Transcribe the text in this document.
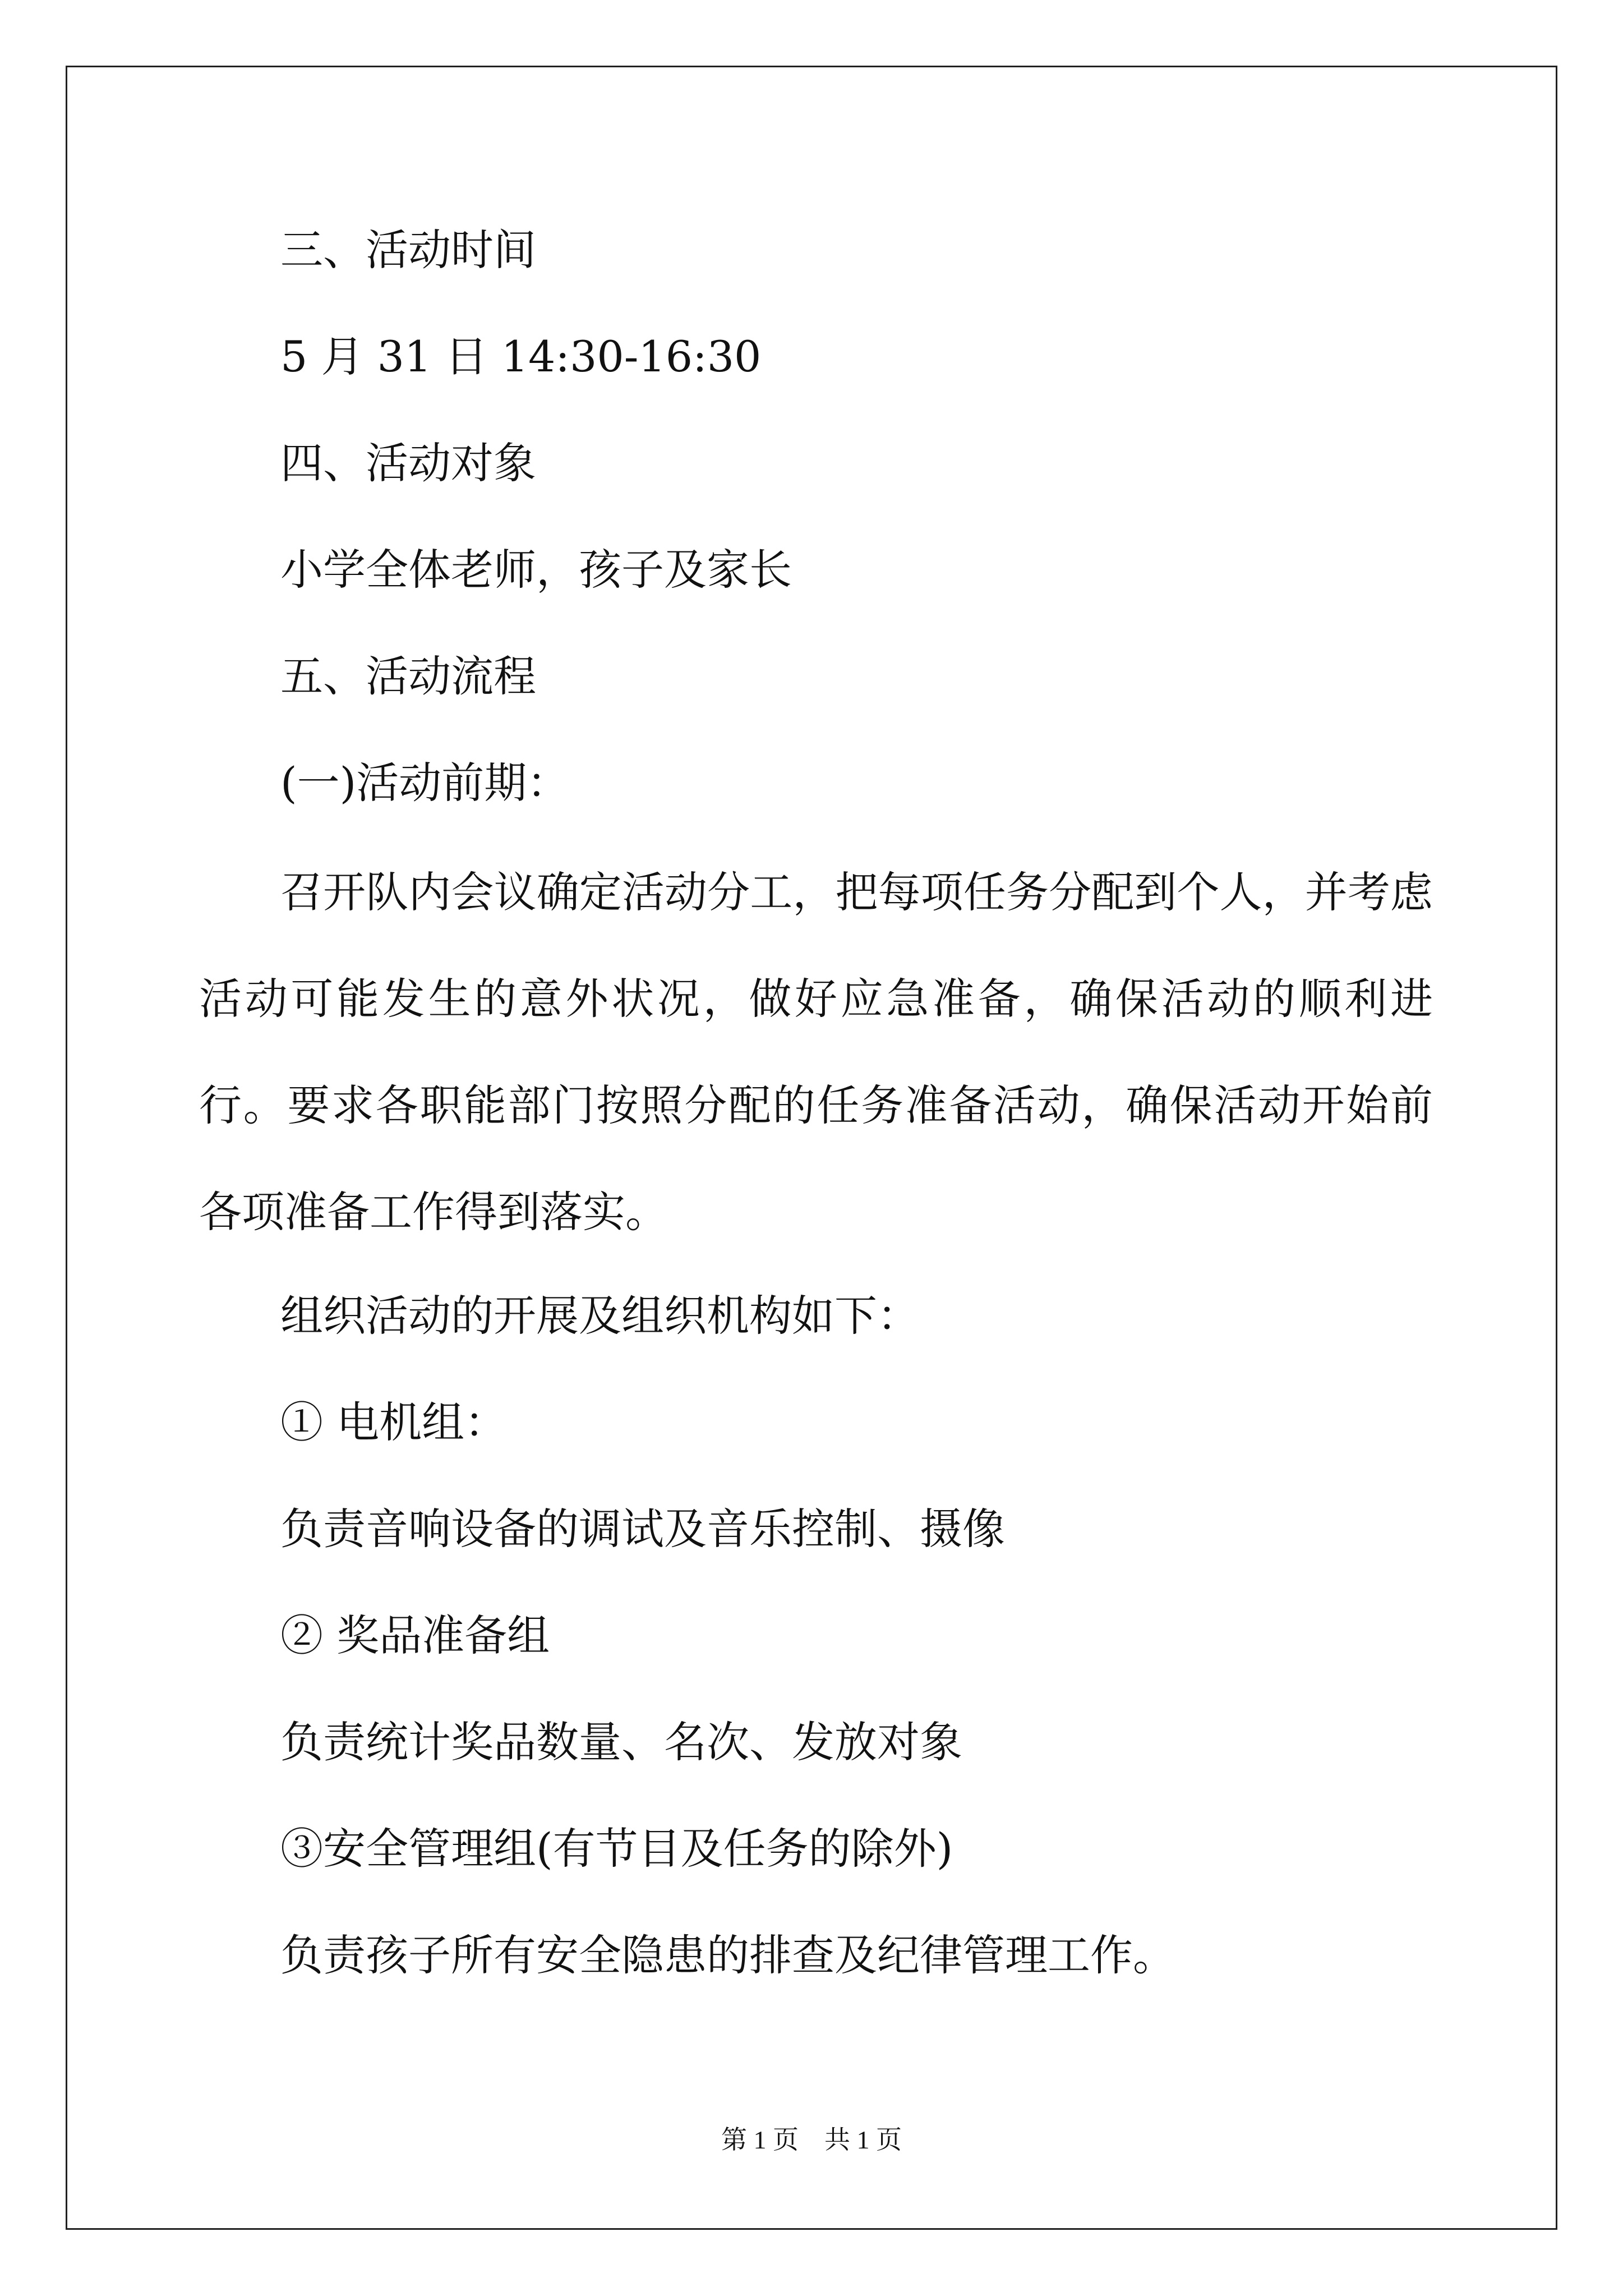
三、活动时间
5 月 31 日 14:30-16:30
四、活动对象
小学全体老师，孩子及家长
五、活动流程
(一)活动前期：

召开队内会议确定活动分工，把每项任务分配到个人，并考虑活动可能发生的意外状况，做好应急准备，确保活动的顺利进行。要求各职能部门按照分配的任务准备活动，确保活动开始前各项准备工作得到落实。

组织活动的开展及组织机构如下：
① 电机组：
负责音响设备的调试及音乐控制、摄像
② 奖品准备组
负责统计奖品数量、名次、发放对象
③安全管理组(有节目及任务的除外)
负责孩子所有安全隐患的排查及纪律管理工作。
第 1 页　共 1 页
